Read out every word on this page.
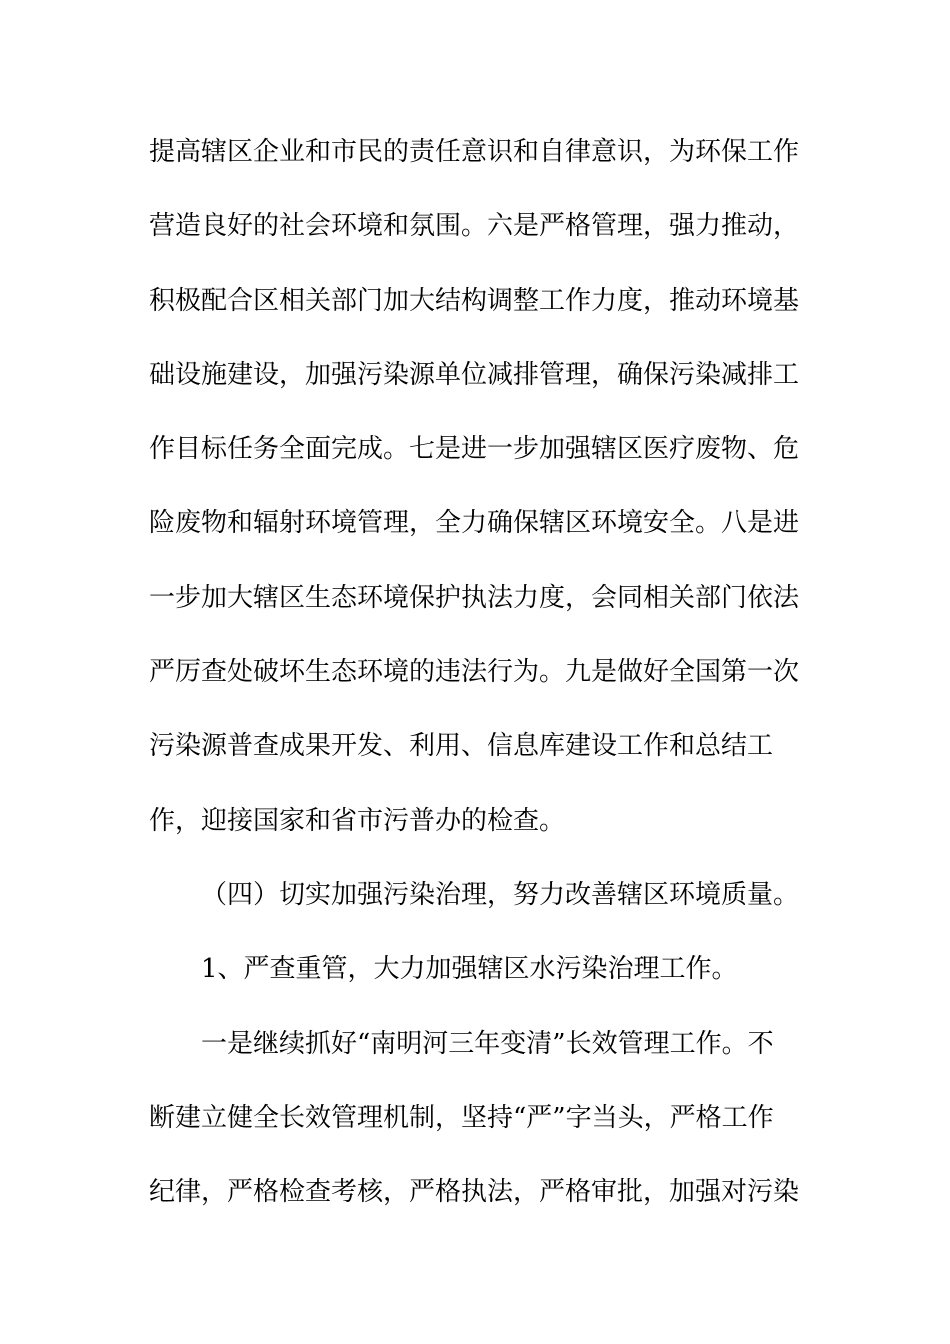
提高辖区企业和市民的责任意识和自律意识，为环保工作
营造良好的社会环境和氛围。六是严格管理，强力推动，
积极配合区相关部门加大结构调整工作力度，推动环境基
础设施建设，加强污染源单位减排管理，确保污染减排工
作目标任务全面完成。七是进一步加强辖区医疗废物、危
险废物和辐射环境管理，全力确保辖区环境安全。八是进
一步加大辖区生态环境保护执法力度，会同相关部门依法
严厉查处破坏生态环境的违法行为。九是做好全国第一次
污染源普查成果开发、利用、信息库建设工作和总结工
作，迎接国家和省市污普办的检查。
（四）切实加强污染治理，努力改善辖区环境质量。
1、严查重管，大力加强辖区水污染治理工作。
一是继续抓好“南明河三年变清”长效管理工作。不
断建立健全长效管理机制，坚持“严”字当头，严格工作
纪律，严格检查考核，严格执法，严格审批，加强对污染
